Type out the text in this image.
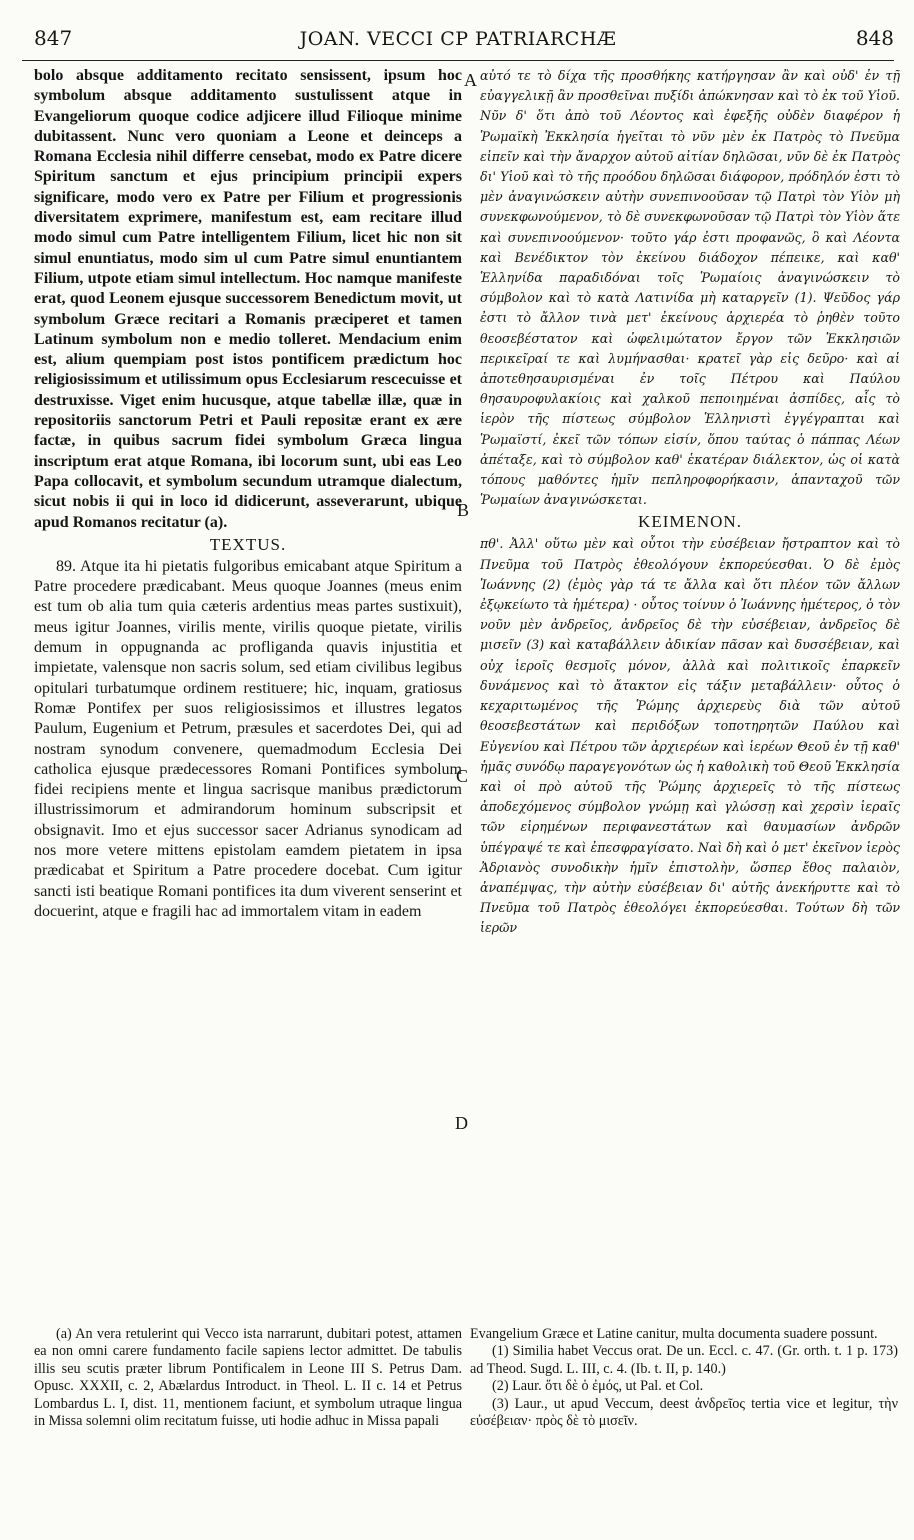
847	JOAN. VECCI CP PATRIARCHÆ	848

bolo absque additamento recitato sensissent, ipsum hoc symbolum absque additamento sustulissent atque in Evangeliorum quoque codice adjicere illud Filioque minime dubitassent. Nunc vero quoniam a Leone et deinceps a Romana Ecclesia nihil differre censebat, modo ex Patre dicere Spiritum sanctum et ejus principium principii expers significare, modo vero ex Patre per Filium et progressionis diversitatem exprimere, manifestum est, eam recitare illud modo simul cum Patre intelligentem Filium, licet hic non sit simul enuntiatus, modo sim ul cum Patre simul enuntiantem Filium, utpote etiam simul intellectum. Hoc namque manifeste erat, quod Leonem ejusque successorem Benedictum movit, ut symbolum Græce recitari a Romanis præciperet et tamen Latinum symbolum non e medio tolleret. Mendacium enim est, alium quempiam post istos pontificem prædictum hoc religiosissimum et utilissimum opus Ecclesiarum rescecuisse et destruxisse. Viget enim hucusque, atque tabellæ illæ, quæ in repositoriis sanctorum Petri et Pauli repositæ erant ex ære factæ, in quibus sacrum fidei symbolum Græca lingua inscriptum erat atque Romana, ibi locorum sunt, ubi eas Leo Papa collocavit, et symbolum secundum utramque dialectum, sicut nobis ii qui in loco id didicerunt, asseverarunt, ubique apud Romanos recitatur (a).

TEXTUS.

89. Atque ita hi pietatis fulgoribus emicabant atque Spiritum a Patre procedere prædicabant. Meus quoque Joannes (meus enim est tum ob alia tum quia cæteris ardentius meas partes sustixuit), meus igitur Joannes, virilis mente, virilis quoque pietate, virilis demum in oppugnanda ac profliganda quavis injustitia et impietate, valensque non sacris solum, sed etiam civilibus legibus opitulari turbatumque ordinem restituere; hic, inquam, gratiosus Romæ Pontifex per suos religiosissimos et illustres legatos Paulum, Eugenium et Petrum, præsules et sacerdotes Dei, qui ad nostram synodum convenere, quemadmodum Ecclesia Dei catholica ejusque prædecessores Romani Pontifices symbolum fidei recipiens mente et lingua sacrisque manibus prædictorum illustrissimorum et admirandorum hominum subscripsit et obsignavit. Imo et ejus successor sacer Adrianus synodicam ad nos more vetere mittens epistolam eamdem pietatem in ipsa prædicabat et Spiritum a Patre procedere docebat. Cum igitur sancti isti beatique Romani pontifices ita dum viverent senserint et docuerint, atque e fragili hac ad immortalem vitam in eadem

αὐτό τε τὸ δίχα τῆς προσθήκης κατήργησαν ἂν καὶ οὐδ' ἐν τῇ εὐαγγελικῇ ἂν προσθεῖναι πυξίδι ἀπώκνησαν καὶ τὸ ἐκ τοῦ Υἱοῦ. Νῦν δ' ὅτι ἀπὸ τοῦ Λέοντος καὶ ἐφεξῆς οὐδὲν διαφέρον ἡ Ῥωμαϊκὴ Ἐκκλησία ἡγεῖται τὸ νῦν μὲν ἐκ Πατρὸς τὸ Πνεῦμα εἰπεῖν καὶ τὴν ἄναρχον αὐτοῦ αἰτίαν δηλῶσαι, νῦν δὲ ἐκ Πατρὸς δι' Υἱοῦ καὶ τὸ τῆς προόδου δηλῶσαι διάφορον, πρόδηλόν ἐστι τὸ μὲν ἀναγινώσκειν αὐτὴν συνεπινοοῦσαν τῷ Πατρὶ τὸν Υἱὸν μὴ συνεκφωνούμενον, τὸ δὲ συνεκφωνοῦσαν τῷ Πατρὶ τὸν Υἱὸν ἅτε καὶ συνεπινοούμενον· τοῦτο γάρ ἐστι προφανῶς, ὃ καὶ Λέοντα καὶ Βενέδικτον τὸν ἐκείνου διάδοχον πέπεικε, καὶ καθ' Ἑλληνίδα παραδιδόναι τοῖς Ῥωμαίοις ἀναγινώσκειν τὸ σύμβολον καὶ τὸ κατὰ Λατινίδα μὴ καταργεῖν (1). Ψεῦδος γάρ ἐστι τὸ ἄλλον τινὰ μετ' ἐκείνους ἀρχιερέα τὸ ῥηθὲν τοῦτο θεοσεβέστατον καὶ ὠφελιμώτατον ἔργον τῶν Ἐκκλησιῶν περικεῖραί τε καὶ λυμήνασθαι· κρατεῖ γὰρ εἰς δεῦρο· καὶ αἱ ἀποτεθησαυρισμέναι ἐν τοῖς Πέτρου καὶ Παύλου θησαυροφυλακίοις καὶ χαλκοῦ πεποιημέναι ἀσπίδες, αἷς τὸ ἱερὸν τῆς πίστεως σύμβολον Ἑλληνιστὶ ἐγγέγραπται καὶ Ῥωμαϊστί, ἐκεῖ τῶν τόπων εἰσίν, ὅπου ταύτας ὁ πάππας Λέων ἀπέταξε, καὶ τὸ σύμβολον καθ' ἑκατέραν διάλεκτον, ὡς οἱ κατὰ τόπους μαθόντες ἡμῖν πεπληροφορήκασιν, ἁπανταχοῦ τῶν Ῥωμαίων ἀναγινώσκεται.

ΚΕΙΜΕΝΟΝ.

πθ'. Ἀλλ' οὕτω μὲν καὶ οὗτοι τὴν εὐσέβειαν ἤστραπτον καὶ τὸ Πνεῦμα τοῦ Πατρὸς ἐθεολόγουν ἐκπορεύεσθαι. Ὁ δὲ ἐμὸς Ἰωάννης (2) (ἐμὸς γὰρ τά τε ἄλλα καὶ ὅτι πλέον τῶν ἄλλων ἐξῳκείωτο τὰ ἡμέτερα) · οὗτος τοίνυν ὁ Ἰωάννης ἡμέτερος, ὁ τὸν νοῦν μὲν ἀνδρεῖος, ἀνδρεῖος δὲ τὴν εὐσέβειαν, ἀνδρεῖος δὲ μισεῖν (3) καὶ καταβάλλειν ἀδικίαν πᾶσαν καὶ δυσσέβειαν, καὶ οὐχ ἱεροῖς θεσμοῖς μόνον, ἀλλὰ καὶ πολιτικοῖς ἐπαρκεῖν δυνάμενος καὶ τὸ ἄτακτον εἰς τάξιν μεταβάλλειν· οὗτος ὁ κεχαριτωμένος τῆς Ῥώμης ἀρχιερεὺς διὰ τῶν αὐτοῦ θεοσεβεστάτων καὶ περιδόξων τοποτηρητῶν Παύλου καὶ Εὐγενίου καὶ Πέτρου τῶν ἀρχιερέων καὶ ἱερέων Θεοῦ ἐν τῇ καθ' ἡμᾶς συνόδῳ παραγεγονότων ὡς ἡ καθολικὴ τοῦ Θεοῦ Ἐκκλησία καὶ οἱ πρὸ αὐτοῦ τῆς Ῥώμης ἀρχιερεῖς τὸ τῆς πίστεως ἀποδεχόμενος σύμβολον γνώμῃ καὶ γλώσσῃ καὶ χερσὶν ἱεραῖς τῶν εἰρημένων περιφανεστάτων καὶ θαυμασίων ἀνδρῶν ὑπέγραψέ τε καὶ ἐπεσφραγίσατο. Ναὶ δὴ καὶ ὁ μετ' ἐκεῖνον ἱερὸς Ἀδριανὸς συνοδικὴν ἡμῖν ἐπιστολὴν, ὥσπερ ἔθος παλαιὸν, ἀναπέμψας, τὴν αὐτὴν εὐσέβειαν δι' αὐτῆς ἀνεκήρυττε καὶ τὸ Πνεῦμα τοῦ Πατρὸς ἐθεολόγει ἐκπορεύεσθαι. Τούτων δὴ τῶν ἱερῶν

A
B
C
D

(a) An vera retulerint qui Vecco ista narrarunt, dubitari potest, attamen ea non omni carere fundamento facile sapiens lector admittet. De tabulis illis seu scutis præter librum Pontificalem in Leone III S. Petrus Dam. Opusc. XXXII, c. 2, Abælardus Introduct. in Theol. L. II c. 14 et Petrus Lombardus L. I, dist. 11, mentionem faciunt, et symbolum utraque lingua in Missa solemni olim recitatum fuisse, uti hodie adhuc in Missa papali

Evangelium Græce et Latine canitur, multa documenta suadere possunt.

(1) Similia habet Veccus orat. De un. Eccl. c. 47. (Gr. orth. t. 1 p. 173) ad Theod. Sugd. L. III, c. 4. (Ib. t. II, p. 140.)

(2) Laur. ὅτι δὲ ὁ ἐμός, ut Pal. et Col.

(3) Laur., ut apud Veccum, deest ἀνδρεῖος tertia vice et legitur, τὴν εὐσέβειαν· πρὸς δὲ τὸ μισεῖν.
